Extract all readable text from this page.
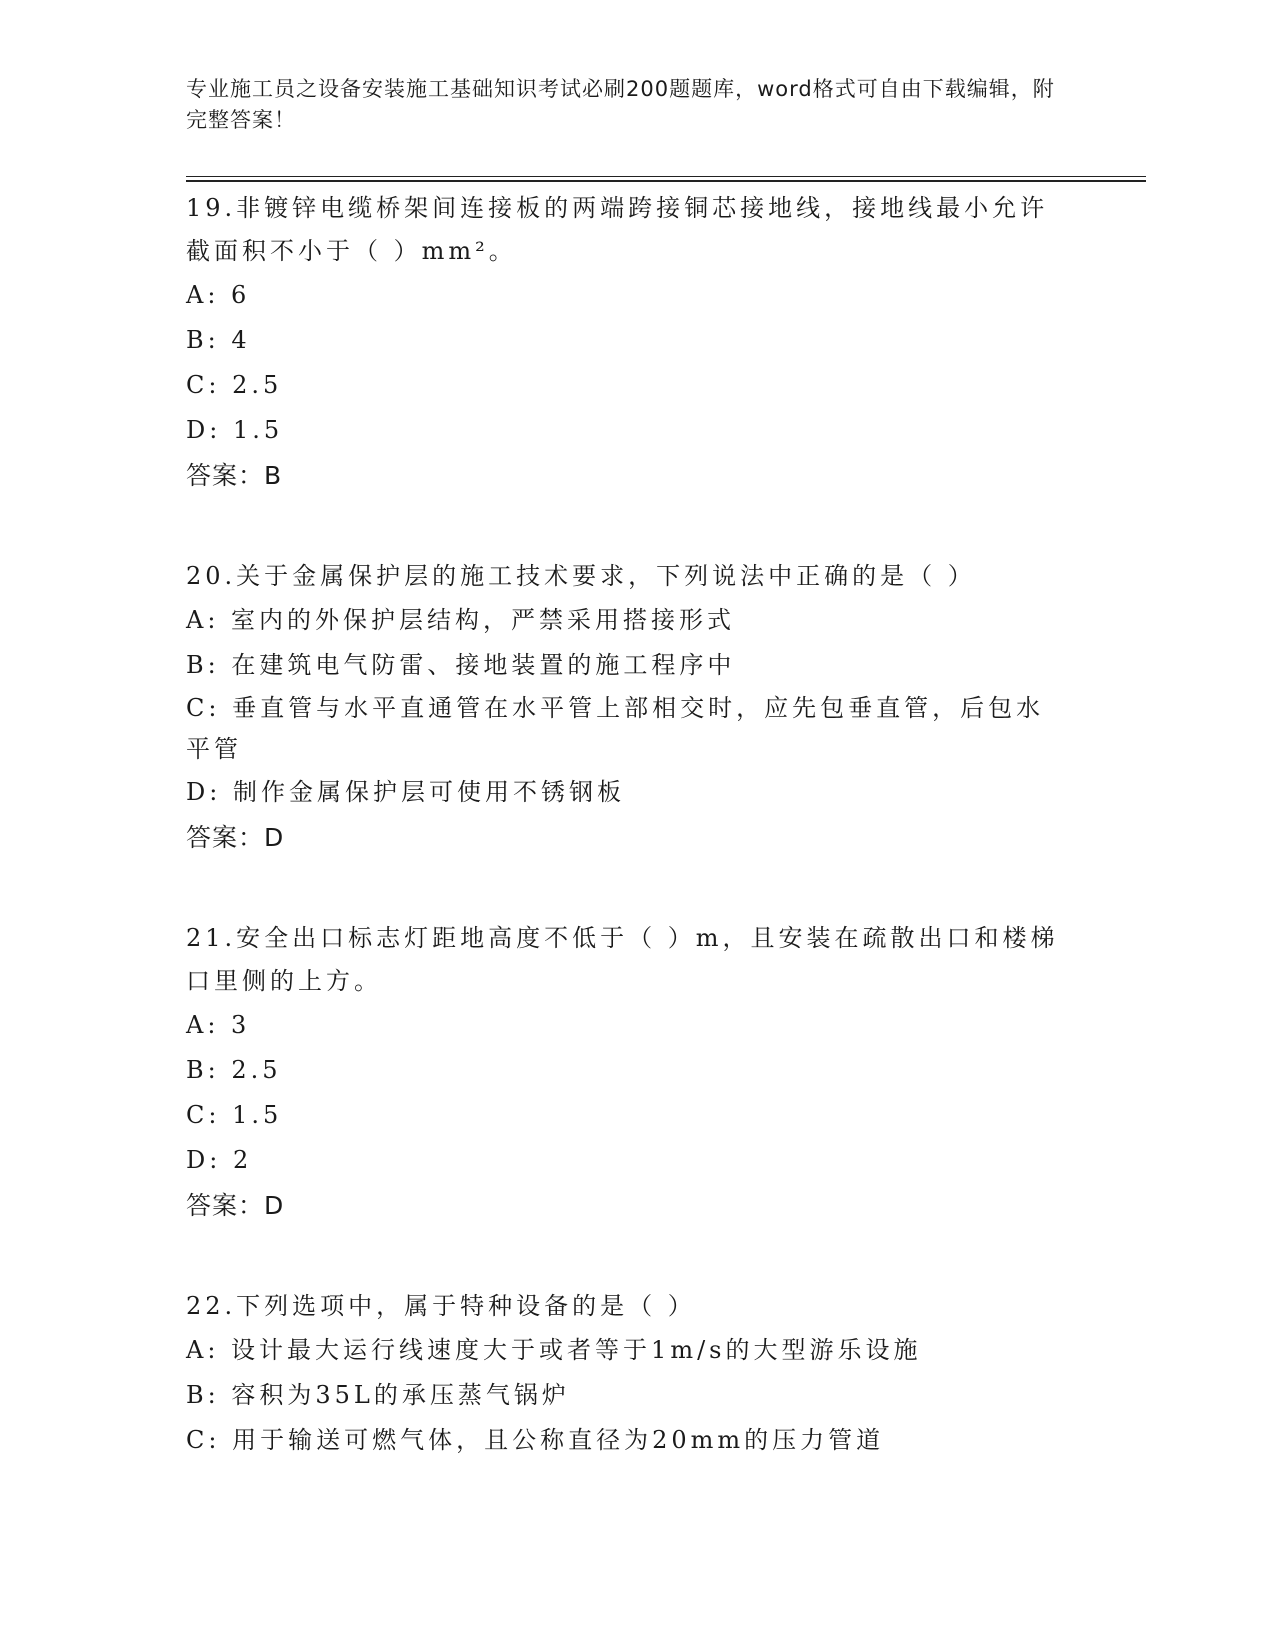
专业施工员之设备安装施工基础知识考试必刷200题题库，word格式可自由下载编辑，附完整答案！

19.非镀锌电缆桥架间连接板的两端跨接铜芯接地线，接地线最小允许截面积不小于（ ）mm²。

A: 6

B: 4

C: 2.5

D: 1.5

答案：B

20.关于金属保护层的施工技术要求，下列说法中正确的是（ ）

A: 室内的外保护层结构，严禁采用搭接形式

B: 在建筑电气防雷、接地装置的施工程序中

C: 垂直管与水平直通管在水平管上部相交时，应先包垂直管，后包水平管

D: 制作金属保护层可使用不锈钢板

答案：D

21.安全出口标志灯距地高度不低于（ ）m，且安装在疏散出口和楼梯口里侧的上方。

A: 3

B: 2.5

C: 1.5

D: 2

答案：D

22.下列选项中，属于特种设备的是（ ）

A: 设计最大运行线速度大于或者等于1m/s的大型游乐设施

B: 容积为35L的承压蒸气锅炉

C: 用于输送可燃气体，且公称直径为20mm的压力管道
